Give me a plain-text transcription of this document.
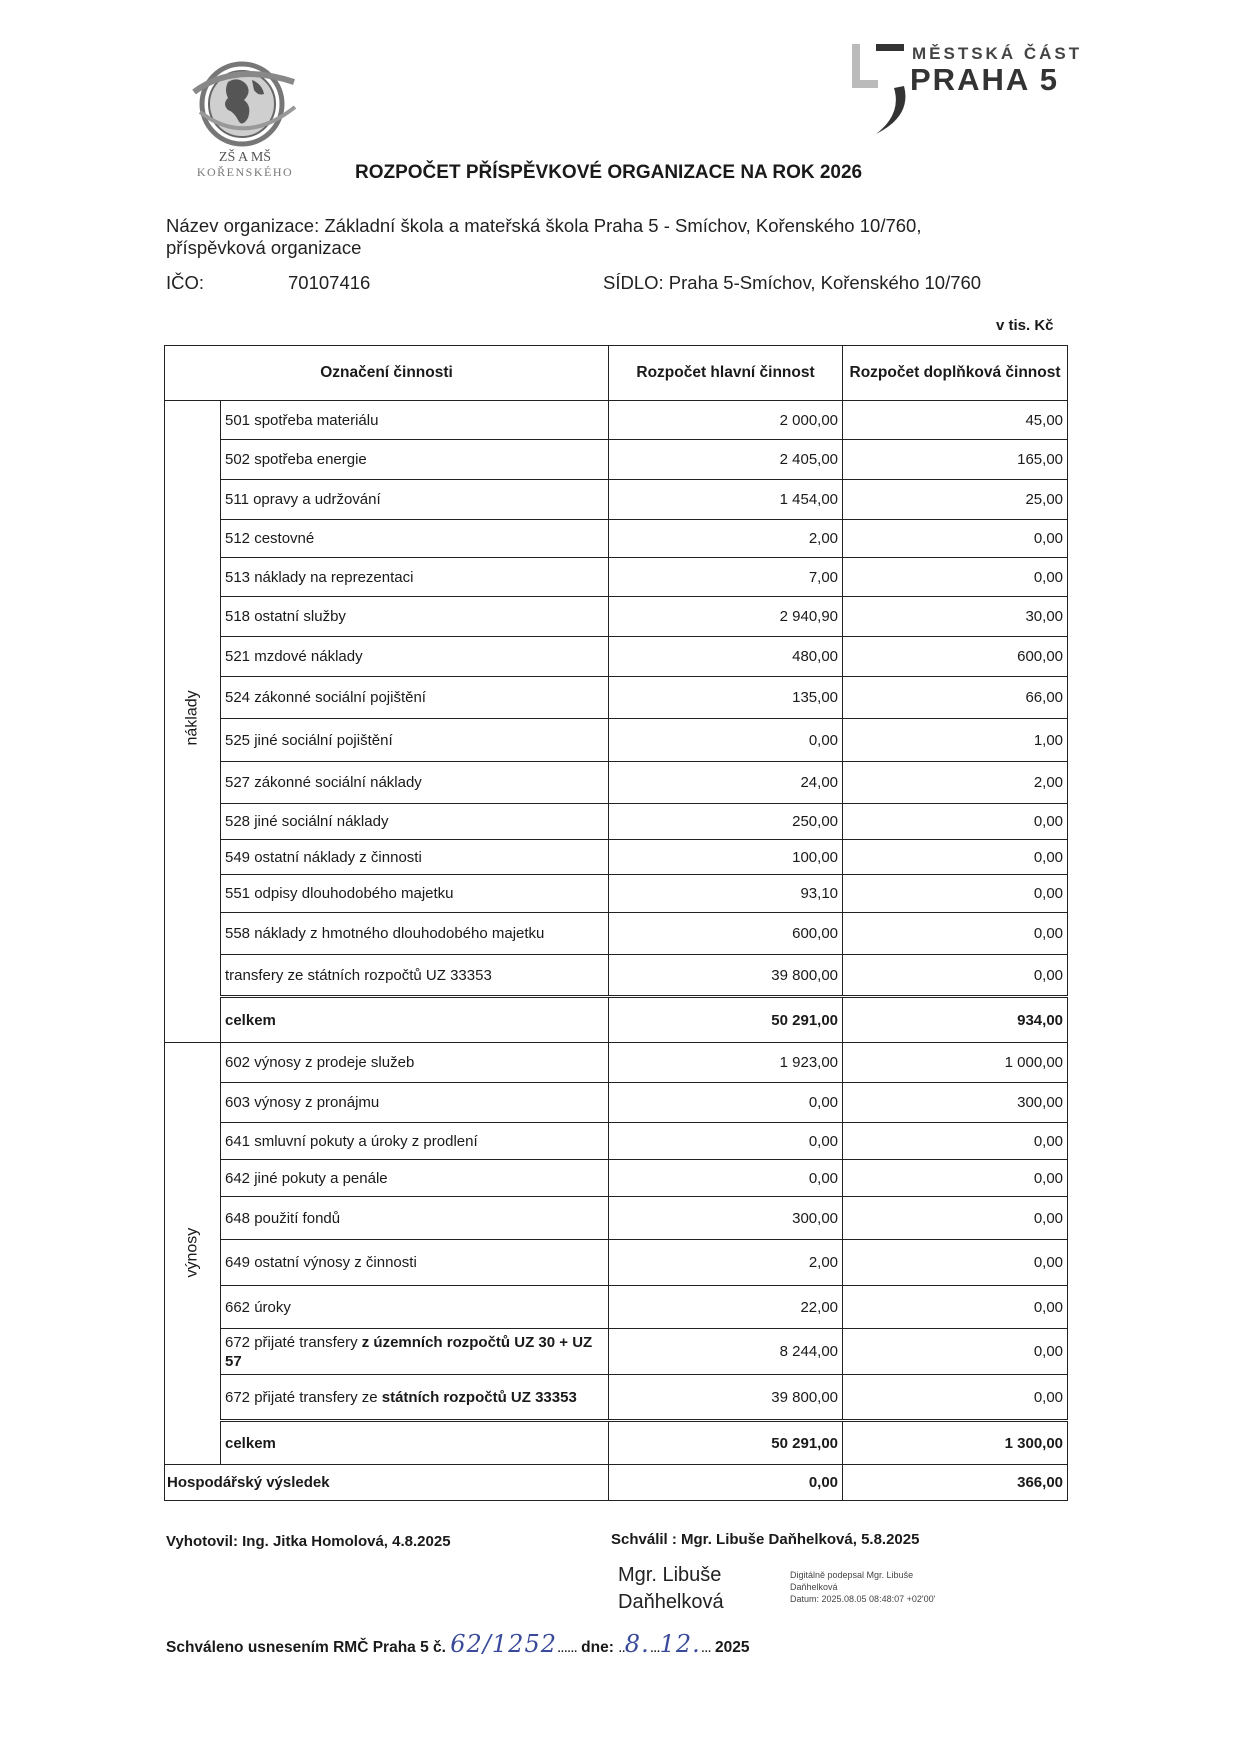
ZŠ A MŠ
KOŘENSKÉHO
MĚSTSKÁ ČÁST
PRAHA 5
ROZPOČET PŘÍSPĚVKOVÉ ORGANIZACE NA ROK 2026
Název organizace: Základní škola a mateřská škola Praha 5 - Smíchov, Kořenského 10/760,
příspěvková organizace
IČO:	70107416	SÍDLO: Praha 5-Smíchov, Kořenského 10/760
v tis. Kč
Označení činnosti		Rozpočet hlavní činnost	Rozpočet doplňková činnost

náklady	501 spotřeba materiálu	2 000,00	45,00
	502 spotřeba energie	2 405,00	165,00
	511 opravy a udržování	1 454,00	25,00
	512 cestovné	2,00	0,00
	513 náklady na reprezentaci	7,00	0,00
	518 ostatní služby	2 940,90	30,00
	521 mzdové náklady	480,00	600,00
	524 zákonné sociální pojištění	135,00	66,00
	525 jiné sociální pojištění	0,00	1,00
	527 zákonné sociální náklady	24,00	2,00
	528 jiné sociální náklady	250,00	0,00
	549 ostatní náklady z činnosti	100,00	0,00
	551 odpisy dlouhodobého majetku	93,10	0,00
	558 náklady z hmotného dlouhodobého majetku	600,00	0,00
	transfery ze státních rozpočtů UZ 33353	39 800,00	0,00
	celkem	50 291,00	934,00

výnosy	602 výnosy z prodeje služeb	1 923,00	1 000,00
	603 výnosy z pronájmu	0,00	300,00
	641 smluvní pokuty a úroky z prodlení	0,00	0,00
	642 jiné pokuty a penále	0,00	0,00
	648 použití fondů	300,00	0,00
	649 ostatní výnosy z činnosti	2,00	0,00
	662 úroky	22,00	0,00
	672 přijaté transfery z územních rozpočtů UZ 30 + UZ 57	8 244,00	0,00
	672 přijaté transfery ze státních rozpočtů UZ 33353	39 800,00	0,00
	celkem	50 291,00	1 300,00
Hospodářský výsledek		0,00	366,00
Vyhotovil: Ing. Jitka Homolová, 4.8.2025	Schválil : Mgr. Libuše Daňhelková, 5.8.2025
Mgr. Libuše
Daňhelková
Digitálně podepsal Mgr. Libuše
Daňhelková
Datum: 2025.08.05 08:48:07 +02'00'
Schváleno usnesením RMČ Praha 5 č. 62/1252...... dne: ..8....12.... 2025
